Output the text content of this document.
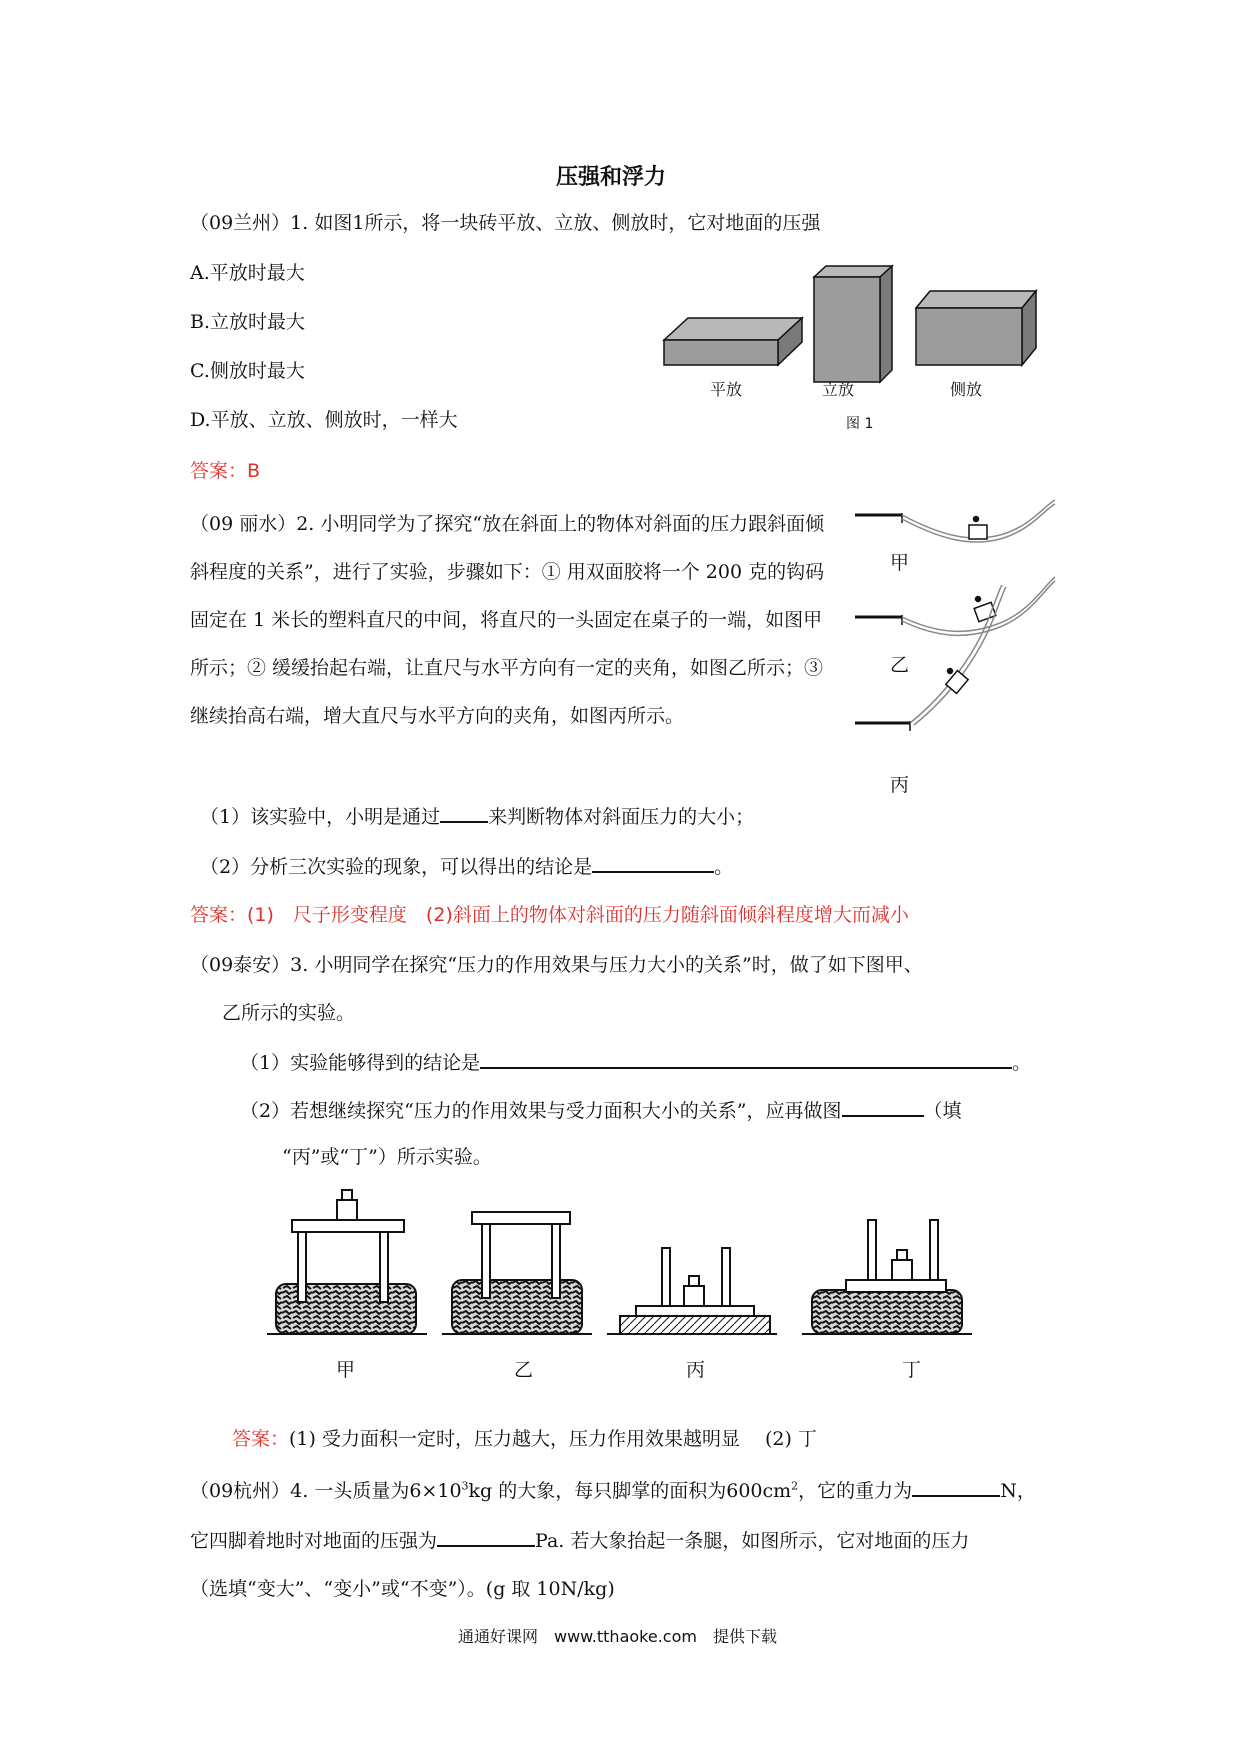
压强和浮力
（09兰州）1. 如图1所示，将一块砖平放、立放、侧放时，它对地面的压强
A.平放时最大
B.立放时最大
C.侧放时最大
D.平放、立放、侧放时，一样大
答案：B
平放	立放	侧放
图 1

（09 丽水）2. 小明同学为了探究“放在斜面上的物体对斜面的压力跟斜面倾斜程度的关系”，进行了实验，步骤如下：① 用双面胶将一个 200 克的钩码固定在 1 米长的塑料直尺的中间，将直尺的一头固定在桌子的一端，如图甲所示；② 缓缓抬起右端，让直尺与水平方向有一定的夹角，如图乙所示；③ 继续抬高右端，增大直尺与水平方向的夹角，如图丙所示。

（1）该实验中，小明是通过	来判断物体对斜面压力的大小；
（2）分析三次实验的现象，可以得出的结论是	。
答案：(1)　尺子形变程度　(2)斜面上的物体对斜面的压力随斜面倾斜程度增大而减小
甲
乙
丙
（09泰安）3. 小明同学在探究“压力的作用效果与压力大小的关系”时，做了如下图甲、
乙所示的实验。
（1）实验能够得到的结论是	。
（2）若想继续探究“压力的作用效果与受力面积大小的关系”，应再做图	（填
“丙”或“丁”）所示实验。
甲	乙	丙	丁
答案：(1) 受力面积一定时，压力越大，压力作用效果越明显　 (2) 丁
（09杭州）4. 一头质量为$6\times 10^3kg$ 的大象，每只脚掌的面积为$600cm^2$，它的重力为	N，
它四脚着地时对地面的压强为	Pa. 若大象抬起一条腿，如图所示，它对地面的压力
（选填“变大”、“变小”或“不变”）。(g 取 10N/kg)
通通好课网　www.tthaoke.com　提供下载
